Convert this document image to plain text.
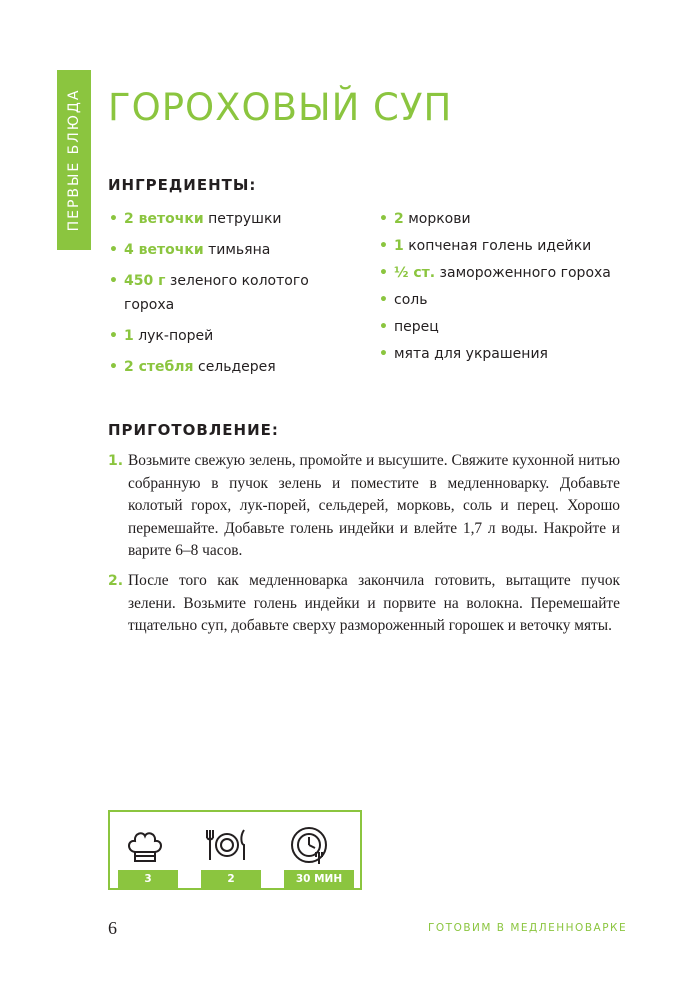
ПЕРВЫЕ БЛЮДА ГОРОХОВЫЙ СУП
ИНГРЕДИЕНТЫ:
• 2 веточки петрушки
• 4 веточки тимьяна
• 450 г зеленого колотого гороха
• 1 лук-порей
• 2 стебля сельдерея
• 2 моркови
• 1 копченая голень идейки
• ½ ст. замороженного гороха
• соль
• перец
• мята для украшения
ПРИГОТОВЛЕНИЕ:
1. Возьмите свежую зелень, промойте и высушите. Свяжите кухонной нитью собранную в пучок зелень и поместите в медленноварку. Добавьте колотый горох, лук-порей, сельдерей, морковь, соль и перец. Хорошо перемешайте. Добавьте голень индейки и влейте 1,7 л воды. Накройте и варите 6–8 часов.
2. После того как медленноварка закончила готовить, вытащите пучок зелени. Возьмите голень индейки и порвите на волокна. Перемешайте тщательно суп, добавьте сверху размороженный горошек и веточку мяты.
3	2	30 МИН
6	ГОТОВИМ В МЕДЛЕННОВАРКЕ
